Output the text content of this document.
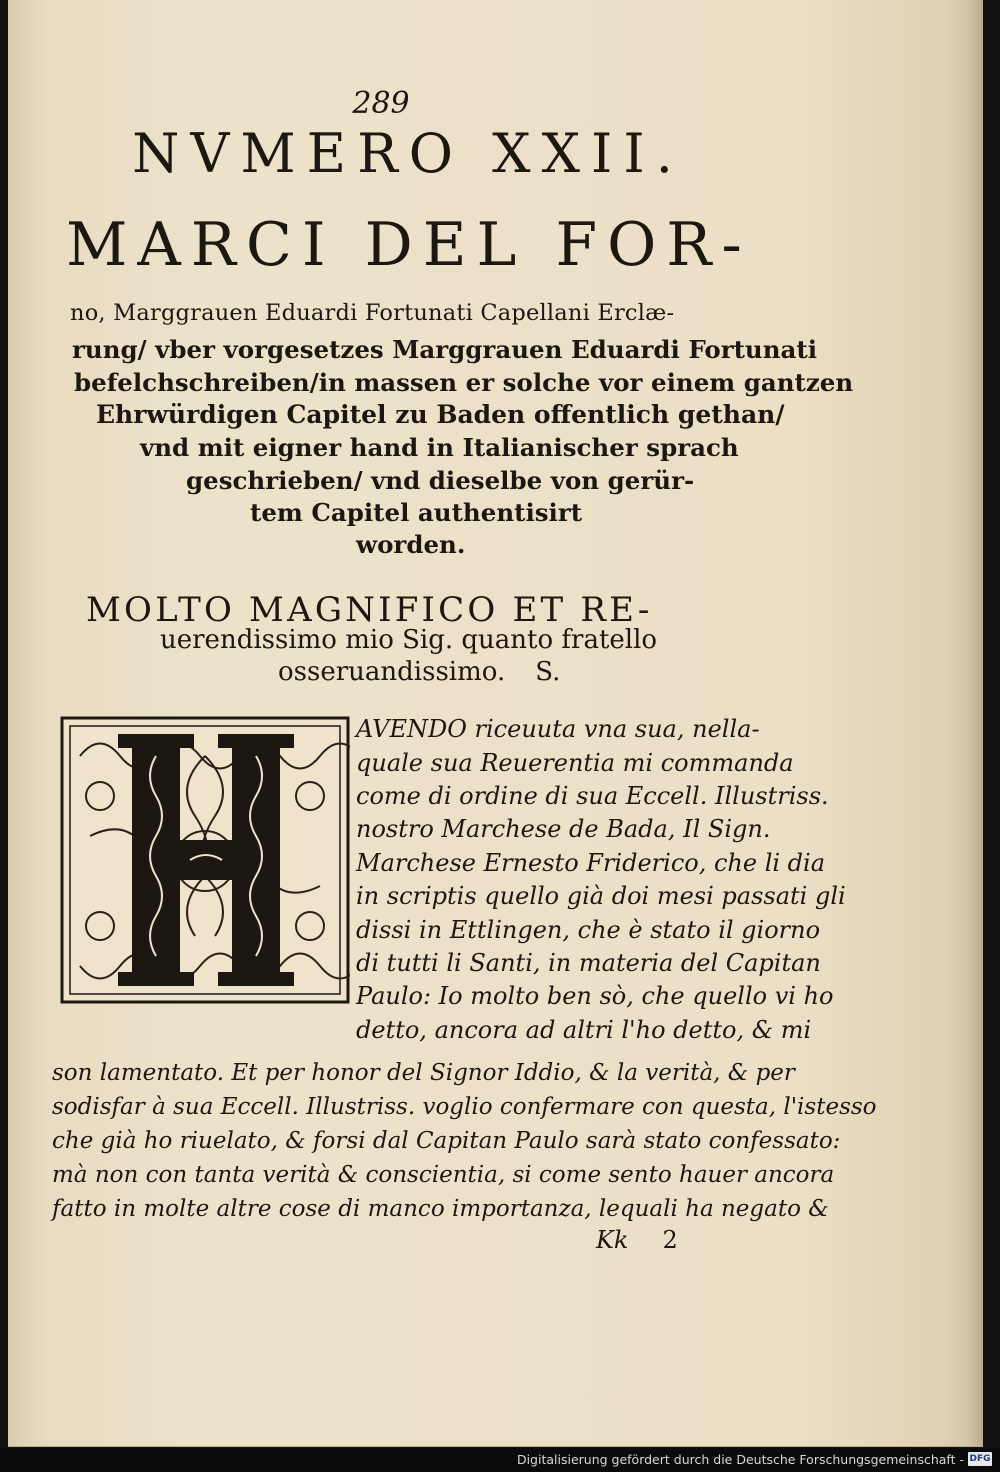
289
NVMERO XXII.
MARCI DEL FOR-
no, Marggrauen Eduardi Fortunati Capellani Erclæ-
rung/ vber vorgesetzes Marggrauen Eduardi Fortunati
befelchschreiben/in massen er solche vor einem gantzen
Ehrwürdigen Capitel zu Baden offentlich gethan/
vnd mit eigner hand in Italianischer sprach
geschrieben/ vnd dieselbe von gerür-
tem Capitel authentisirt
worden.
MOLTO MAGNIFICO ET RE-
uerendissimo mio Sig. quanto fratello
osseruandissimo. S.
AVENDO riceuuta vna sua, nella-
quale sua Reuerentia mi commanda
come di ordine di sua Eccell. Illustriss.
nostro Marchese de Bada, Il Sign.
Marchese Ernesto Friderico, che li dia
in scriptis quello già doi mesi passati gli
dissi in Ettlingen, che è stato il giorno
di tutti li Santi, in materia del Capitan
Paulo: Io molto ben sò, che quello vi ho
detto, ancora ad altri l'ho detto, & mi
son lamentato. Et per honor del Signor Iddio, & la verità, & per
sodisfar à sua Eccell. Illustriss. voglio confermare con questa, l'istesso
che già ho riuelato, & forsi dal Capitan Paulo sarà stato confessato:
mà non con tanta verità & conscientia, si come sento hauer ancora
fatto in molte altre cose di manco importanza, lequali ha negato &
Kk 2
Digitalisierung gefördert durch die Deutsche Forschungsgemeinschaft - DFG
